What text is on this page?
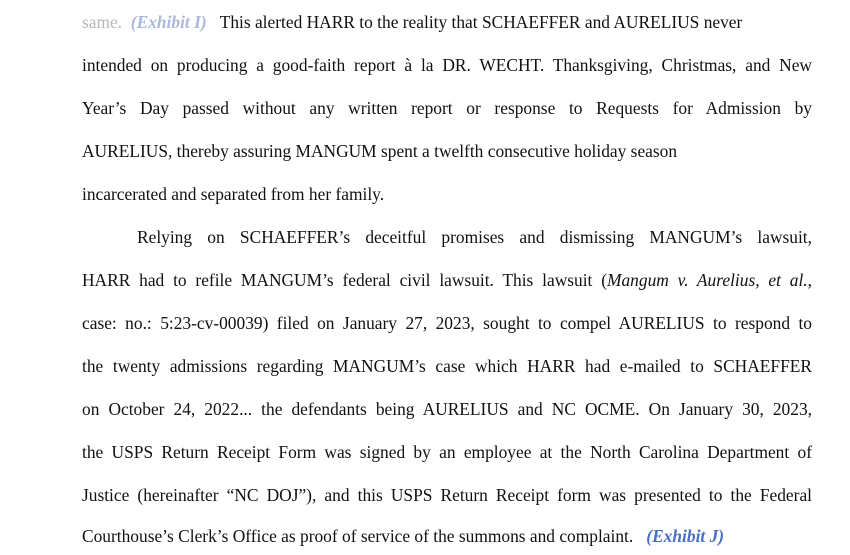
same. (Exhibit I) This alerted HARR to the reality that SCHAEFFER and AURELIUS never
intended on producing a good-faith report à la DR. WECHT. Thanksgiving, Christmas, and New
Year’s Day passed without any written report or response to Requests for Admission by
AURELIUS, thereby assuring MANGUM spent a twelfth consecutive holiday season
incarcerated and separated from her family.
Relying on SCHAEFFER’s deceitful promises and dismissing MANGUM’s lawsuit,
HARR had to refile MANGUM’s federal civil lawsuit. This lawsuit (Mangum v. Aurelius, et al.,
case: no.: 5:23-cv-00039) filed on January 27, 2023, sought to compel AURELIUS to respond to
the twenty admissions regarding MANGUM’s case which HARR had e-mailed to SCHAEFFER
on October 24, 2022... the defendants being AURELIUS and NC OCME. On January 30, 2023,
the USPS Return Receipt Form was signed by an employee at the North Carolina Department of
Justice (hereinafter “NC DOJ”), and this USPS Return Receipt form was presented to the Federal
Courthouse’s Clerk’s Office as proof of service of the summons and complaint. (Exhibit J)
